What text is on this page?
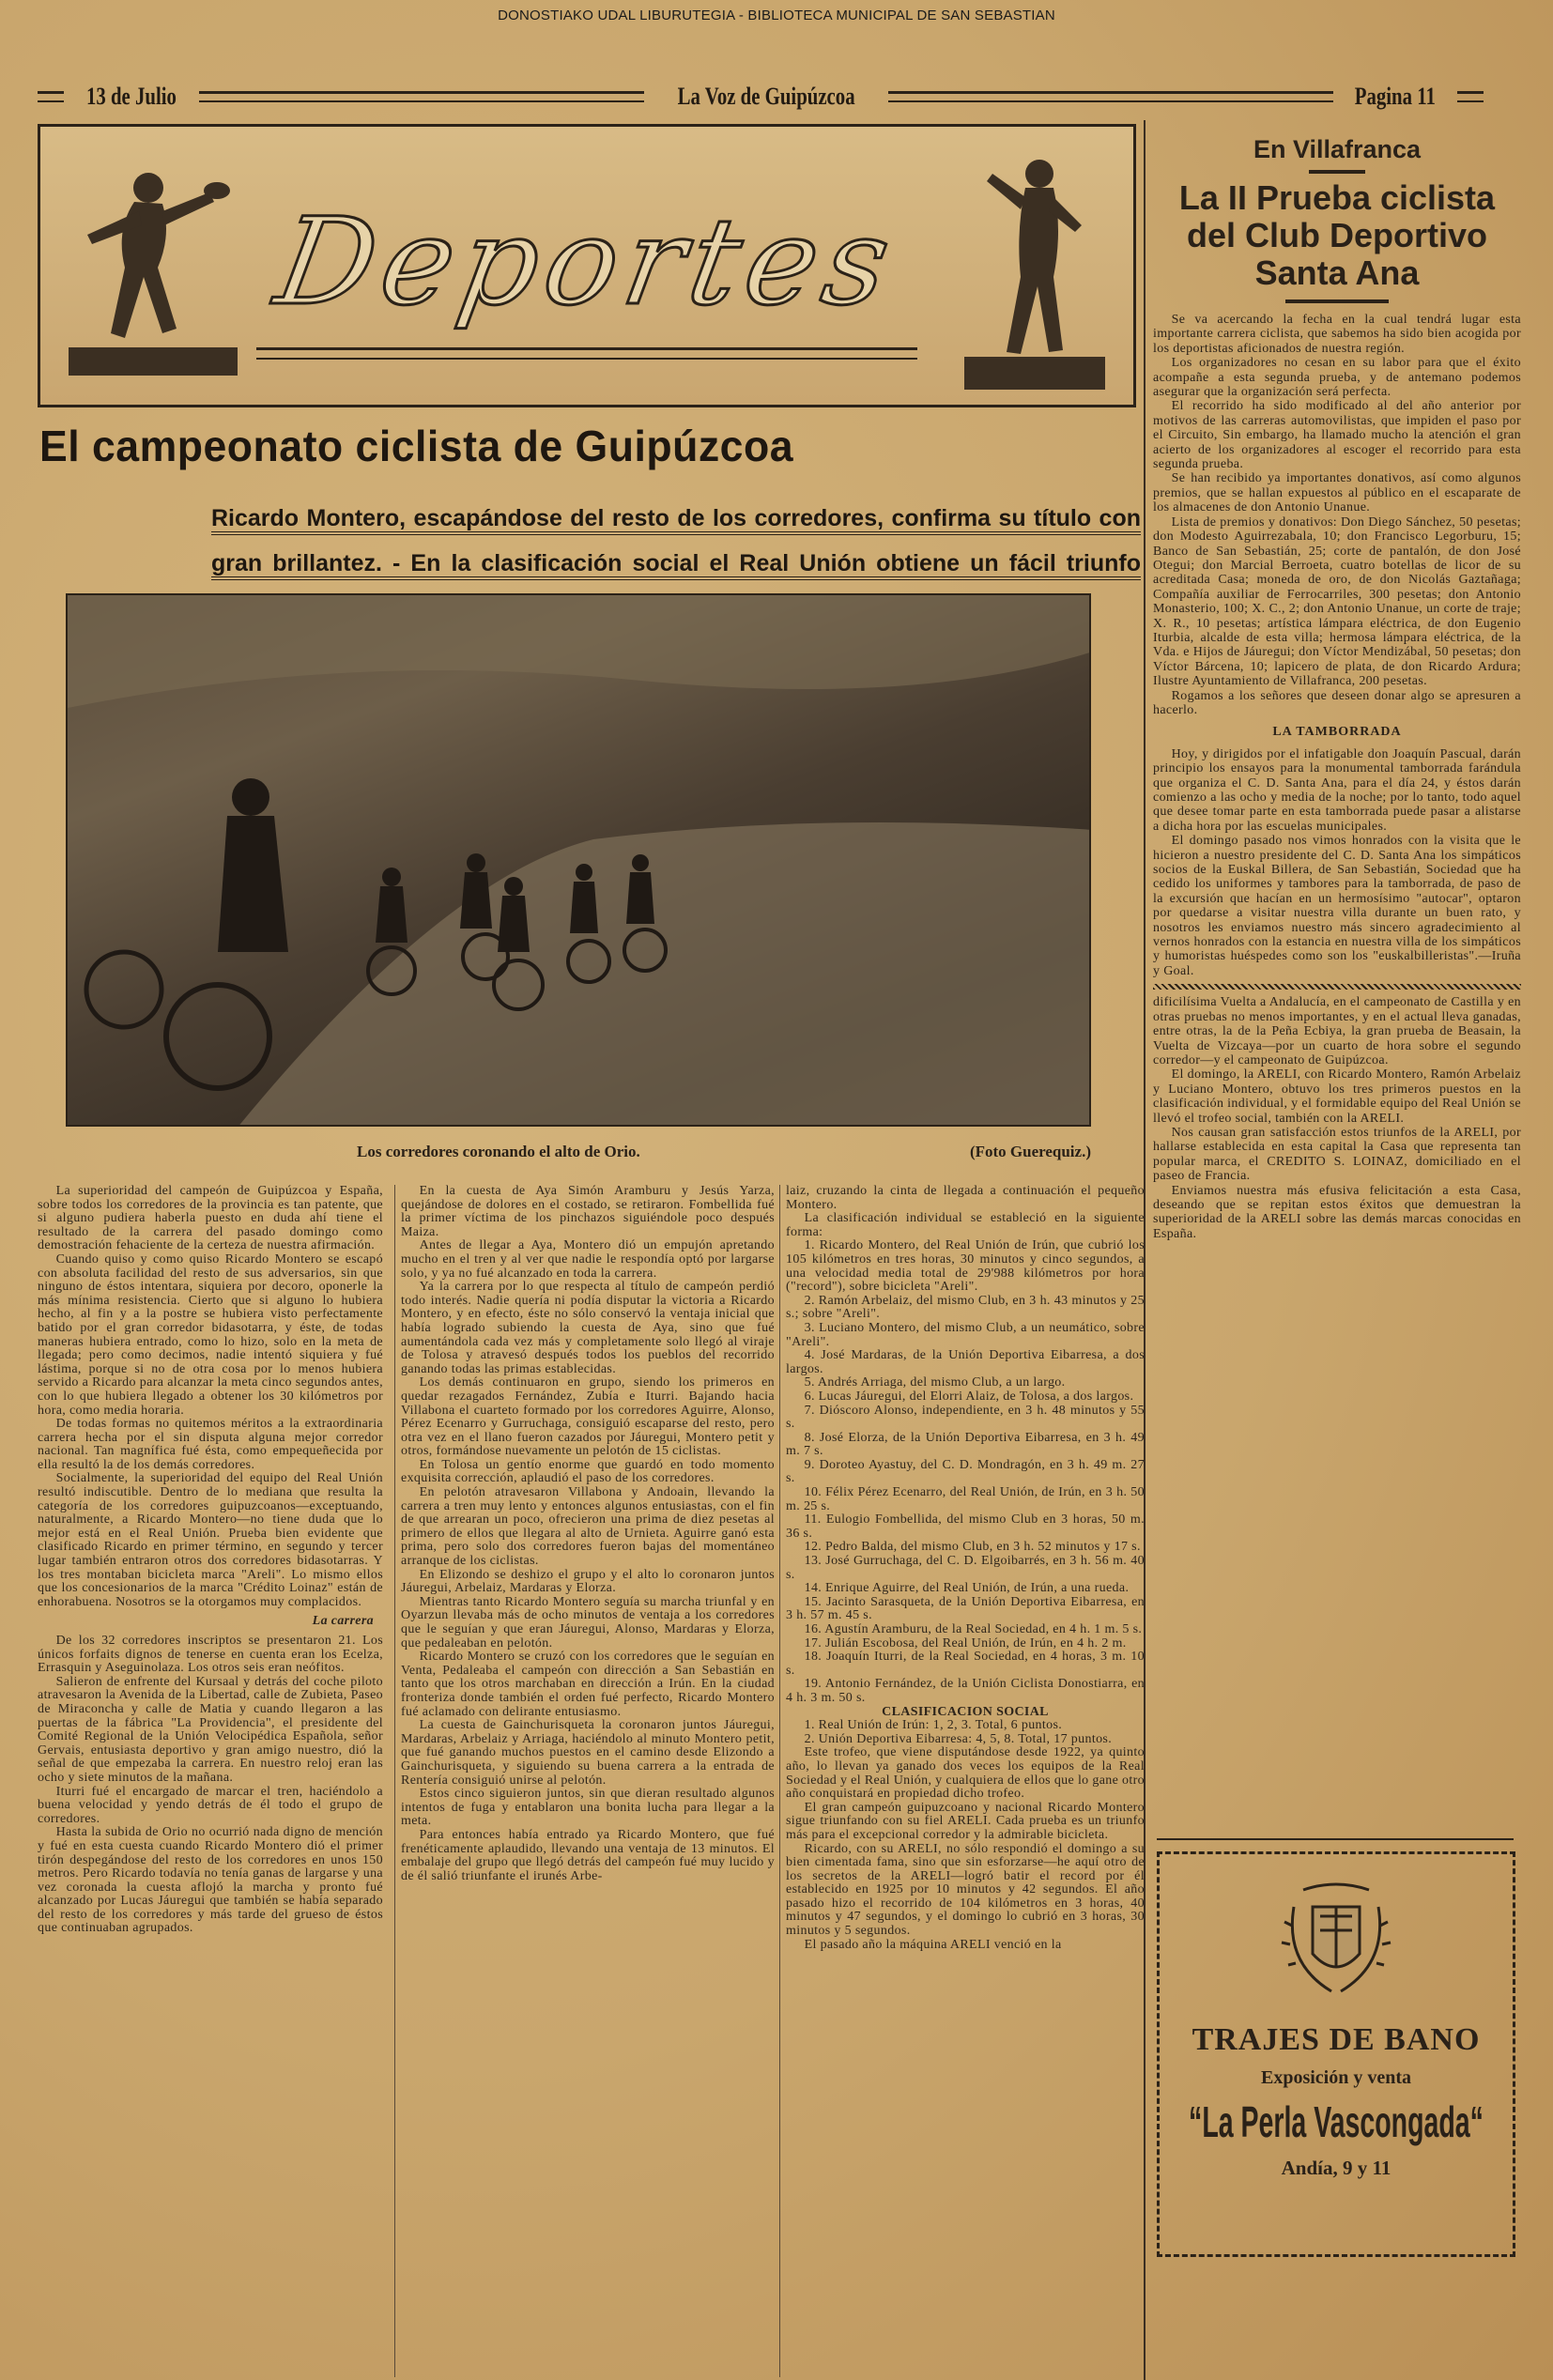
DONOSTIAKO UDAL LIBURUTEGIA - BIBLIOTECA MUNICIPAL DE SAN SEBASTIAN
13 de Julio	La Voz de Guipúzcoa	Pagina 11
Deportes
El campeonato ciclista de Guipúzcoa
Ricardo Montero, escapándose del resto de los corredores, confirma su título con gran brillantez. - En la clasificación social el Real Unión obtiene un fácil triunfo
Los corredores coronando el alto de Orio.	(Foto Guerequiz.)

La superioridad del campeón de Guipúzcoa y España, sobre todos los corredores de la provincia es tan patente, que si alguno pudiera haberla puesto en duda ahí tiene el resultado de la carrera del pasado domingo como demostración fehaciente de la certeza de nuestra afirmación.

Cuando quiso y como quiso Ricardo Montero se escapó con absoluta facilidad del resto de sus adversarios, sin que ninguno de éstos intentara, siquiera por decoro, oponerle la más mínima resistencia. Cierto que si alguno lo hubiera hecho, al fin y a la postre se hubiera visto perfectamente batido por el gran corredor bidasotarra, y éste, de todas maneras hubiera entrado, como lo hizo, solo en la meta de llegada; pero como decimos, nadie intentó siquiera y fué lástima, porque si no de otra cosa por lo menos hubiera servido a Ricardo para alcanzar la meta cinco segundos antes, con lo que hubiera llegado a obtener los 30 kilómetros por hora, como media horaria.

De todas formas no quitemos méritos a la extraordinaria carrera hecha por el sin disputa alguna mejor corredor nacional. Tan magnífica fué ésta, como empequeñecida por ella resultó la de los demás corredores.

Socialmente, la superioridad del equipo del Real Unión resultó indiscutible. Dentro de lo mediana que resulta la categoría de los corredores guipuzcoanos—exceptuando, naturalmente, a Ricardo Montero—no tiene duda que lo mejor está en el Real Unión. Prueba bien evidente que clasificado Ricardo en primer término, en segundo y tercer lugar también entraron otros dos corredores bidasotarras. Y los tres montaban bicicleta marca "Areli". Lo mismo ellos que los concesionarios de la marca "Crédito Loinaz" están de enhorabuena. Nosotros se la otorgamos muy complacidos.

La carrera

De los 32 corredores inscriptos se presentaron 21. Los únicos forfaits dignos de tenerse en cuenta eran los Ecelza, Errasquin y Aseguinolaza. Los otros seis eran neófitos.

Salieron de enfrente del Kursaal y detrás del coche piloto atravesaron la Avenida de la Libertad, calle de Zubieta, Paseo de Miraconcha y calle de Matia y cuando llegaron a las puertas de la fábrica "La Providencia", el presidente del Comité Regional de la Unión Velocipédica Española, señor Gervais, entusiasta deportivo y gran amigo nuestro, dió la señal de que empezaba la carrera. En nuestro reloj eran las ocho y siete minutos de la mañana.

Iturri fué el encargado de marcar el tren, haciéndolo a buena velocidad y yendo detrás de él todo el grupo de corredores.

Hasta la subida de Orio no ocurrió nada digno de mención y fué en esta cuesta cuando Ricardo Montero dió el primer tirón despegándose del resto de los corredores en unos 150 metros. Pero Ricardo todavía no tenía ganas de largarse y una vez coronada la cuesta aflojó la marcha y pronto fué alcanzado por Lucas Jáuregui que también se había separado del resto de los corredores y más tarde del grueso de éstos que continuaban agrupados.

En la cuesta de Aya Simón Aramburu y Jesús Yarza, quejándose de dolores en el costado, se retiraron. Fombellida fué la primer víctima de los pinchazos siguiéndole poco después Maiza.

Antes de llegar a Aya, Montero dió un empujón apretando mucho en el tren y al ver que nadie le respondía optó por largarse solo, y ya no fué alcanzado en toda la carrera.

Ya la carrera por lo que respecta al título de campeón perdió todo interés. Nadie quería ni podía disputar la victoria a Ricardo Montero, y en efecto, éste no sólo conservó la ventaja inicial que había logrado subiendo la cuesta de Aya, sino que fué aumentándola cada vez más y completamente solo llegó al viraje de Tolosa y atravesó después todos los pueblos del recorrido ganando todas las primas establecidas.

Los demás continuaron en grupo, siendo los primeros en quedar rezagados Fernández, Zubía e Iturri. Bajando hacia Villabona el cuarteto formado por los corredores Aguirre, Alonso, Pérez Ecenarro y Gurruchaga, consiguió escaparse del resto, pero otra vez en el llano fueron cazados por Jáuregui, Montero petit y otros, formándose nuevamente un pelotón de 15 ciclistas.

En Tolosa un gentío enorme que guardó en todo momento exquisita corrección, aplaudió el paso de los corredores.

En pelotón atravesaron Villabona y Andoain, llevando la carrera a tren muy lento y entonces algunos entusiastas, con el fin de que arrearan un poco, ofrecieron una prima de diez pesetas al primero de ellos que llegara al alto de Urnieta. Aguirre ganó esta prima, pero solo dos corredores fueron bajas del momentáneo arranque de los ciclistas.

En Elizondo se deshizo el grupo y el alto lo coronaron juntos Jáuregui, Arbelaiz, Mardaras y Elorza.

Mientras tanto Ricardo Montero seguía su marcha triunfal y en Oyarzun llevaba más de ocho minutos de ventaja a los corredores que le seguían y que eran Jáuregui, Alonso, Mardaras y Elorza, que pedaleaban en pelotón.

Ricardo Montero se cruzó con los corredores que le seguían en Venta, Pedaleaba el campeón con dirección a San Sebastián en tanto que los otros marchaban en dirección a Irún. En la ciudad fronteriza donde también el orden fué perfecto, Ricardo Montero fué aclamado con delirante entusiasmo.

La cuesta de Gainchurisqueta la coronaron juntos Jáuregui, Mardaras, Arbelaiz y Arriaga, haciéndolo al minuto Montero petit, que fué ganando muchos puestos en el camino desde Elizondo a Gainchurisqueta, y siguiendo su buena carrera a la entrada de Rentería consiguió unirse al pelotón.

Estos cinco siguieron juntos, sin que dieran resultado algunos intentos de fuga y entablaron una bonita lucha para llegar a la meta.

Para entonces había entrado ya Ricardo Montero, que fué frenéticamente aplaudido, llevando una ventaja de 13 minutos. El embalaje del grupo que llegó detrás del campeón fué muy lucido y de él salió triunfante el irunés Arbe-

laiz, cruzando la cinta de llegada a continuación el pequeño Montero.

La clasificación individual se estableció en la siguiente forma:

1. Ricardo Montero, del Real Unión de Irún, que cubrió los 105 kilómetros en tres horas, 30 minutos y cinco segundos, a una velocidad media total de 29'988 kilómetros por hora ("record"), sobre bicicleta "Areli".

2. Ramón Arbelaiz, del mismo Club, en 3 h. 43 minutos y 25 s.; sobre "Areli".

3. Luciano Montero, del mismo Club, a un neumático, sobre "Areli".

4. José Mardaras, de la Unión Deportiva Eibarresa, a dos largos.

5. Andrés Arriaga, del mismo Club, a un largo.

6. Lucas Jáuregui, del Elorri Alaiz, de Tolosa, a dos largos.

7. Dióscoro Alonso, independiente, en 3 h. 48 minutos y 55 s.

8. José Elorza, de la Unión Deportiva Eibarresa, en 3 h. 49 m. 7 s.

9. Doroteo Ayastuy, del C. D. Mondragón, en 3 h. 49 m. 27 s.

10. Félix Pérez Ecenarro, del Real Unión, de Irún, en 3 h. 50 m. 25 s.

11. Eulogio Fombellida, del mismo Club en 3 horas, 50 m. 36 s.

12. Pedro Balda, del mismo Club, en 3 h. 52 minutos y 17 s.

13. José Gurruchaga, del C. D. Elgoibarrés, en 3 h. 56 m. 40 s.

14. Enrique Aguirre, del Real Unión, de Irún, a una rueda.

15. Jacinto Sarasqueta, de la Unión Deportiva Eibarresa, en 3 h. 57 m. 45 s.

16. Agustín Aramburu, de la Real Sociedad, en 4 h. 1 m. 5 s.

17. Julián Escobosa, del Real Unión, de Irún, en 4 h. 2 m.

18. Joaquín Iturri, de la Real Sociedad, en 4 horas, 3 m. 10 s.

19. Antonio Fernández, de la Unión Ciclista Donostiarra, en 4 h. 3 m. 50 s.

CLASIFICACION SOCIAL

1. Real Unión de Irún: 1, 2, 3. Total, 6 puntos.

2. Unión Deportiva Eibarresa: 4, 5, 8. Total, 17 puntos.

Este trofeo, que viene disputándose desde 1922, ya quinto año, lo llevan ya ganado dos veces los equipos de la Real Sociedad y el Real Unión, y cualquiera de ellos que lo gane otro año conquistará en propiedad dicho trofeo.

El gran campeón guipuzcoano y nacional Ricardo Montero sigue triunfando con su fiel ARELI. Cada prueba es un triunfo más para el excepcional corredor y la admirable bicicleta.

Ricardo, con su ARELI, no sólo respondió el domingo a su bien cimentada fama, sino que sin esforzarse—he aquí otro de los secretos de la ARELI—logró batir el record por él establecido en 1925 por 10 minutos y 42 segundos. El año pasado hizo el recorrido de 104 kilómetros en 3 horas, 40 minutos y 47 segundos, y el domingo lo cubrió en 3 horas, 30 minutos y 5 segundos.

El pasado año la máquina ARELI venció en la

En Villafranca
La II Prueba ciclista del Club Deportivo Santa Ana

Se va acercando la fecha en la cual tendrá lugar esta importante carrera ciclista, que sabemos ha sido bien acogida por los deportistas aficionados de nuestra región.

Los organizadores no cesan en su labor para que el éxito acompañe a esta segunda prueba, y de antemano podemos asegurar que la organización será perfecta.

El recorrido ha sido modificado al del año anterior por motivos de las carreras automovilistas, que impiden el paso por el Circuito, Sin embargo, ha llamado mucho la atención el gran acierto de los organizadores al escoger el recorrido para esta segunda prueba.

Se han recibido ya importantes donativos, así como algunos premios, que se hallan expuestos al público en el escaparate de los almacenes de don Antonio Unanue.

Lista de premios y donativos: Don Diego Sánchez, 50 pesetas; don Modesto Aguirrezabala, 10; don Francisco Legorburu, 15; Banco de San Sebastián, 25; corte de pantalón, de don José Otegui; don Marcial Berroeta, cuatro botellas de licor de su acreditada Casa; moneda de oro, de don Nicolás Gaztañaga; Compañía auxiliar de Ferrocarriles, 300 pesetas; don Antonio Monasterio, 100; X. C., 2; don Antonio Unanue, un corte de traje; X. R., 10 pesetas; artística lámpara eléctrica, de don Eugenio Iturbia, alcalde de esta villa; hermosa lámpara eléctrica, de la Vda. e Hijos de Jáuregui; don Víctor Mendizábal, 50 pesetas; don Víctor Bárcena, 10; lapicero de plata, de don Ricardo Ardura; Ilustre Ayuntamiento de Villafranca, 200 pesetas.

Rogamos a los señores que deseen donar algo se apresuren a hacerlo.

LA TAMBORRADA

Hoy, y dirigidos por el infatigable don Joaquín Pascual, darán principio los ensayos para la monumental tamborrada farándula que organiza el C. D. Santa Ana, para el día 24, y éstos darán comienzo a las ocho y media de la noche; por lo tanto, todo aquel que desee tomar parte en esta tamborrada puede pasar a alistarse a dicha hora por las escuelas municipales.

El domingo pasado nos vimos honrados con la visita que le hicieron a nuestro presidente del C. D. Santa Ana los simpáticos socios de la Euskal Billera, de San Sebastián, Sociedad que ha cedido los uniformes y tambores para la tamborrada, de paso de la excursión que hacían en un hermosísimo "autocar", optaron por quedarse a visitar nuestra villa durante un buen rato, y nosotros les enviamos nuestro más sincero agradecimiento al vernos honrados con la estancia en nuestra villa de los simpáticos y humoristas huéspedes como son los "euskalbilleristas".—Iruña y Goal.

dificilísima Vuelta a Andalucía, en el campeonato de Castilla y en otras pruebas no menos importantes, y en el actual lleva ganadas, entre otras, la de la Peña Ecbiya, la gran prueba de Beasain, la Vuelta de Vizcaya—por un cuarto de hora sobre el segundo corredor—y el campeonato de Guipúzcoa.

El domingo, la ARELI, con Ricardo Montero, Ramón Arbelaiz y Luciano Montero, obtuvo los tres primeros puestos en la clasificación individual, y el formidable equipo del Real Unión se llevó el trofeo social, también con la ARELI.

Nos causan gran satisfacción estos triunfos de la ARELI, por hallarse establecida en esta capital la Casa que representa tan popular marca, el CREDITO S. LOINAZ, domiciliado en el paseo de Francia.

Enviamos nuestra más efusiva felicitación a esta Casa, deseando que se repitan estos éxitos que demuestran la superioridad de la ARELI sobre las demás marcas conocidas en España.

TRAJES DE BANO
Exposición y venta
“La Perla Vascongada“
Andía, 9 y 11
